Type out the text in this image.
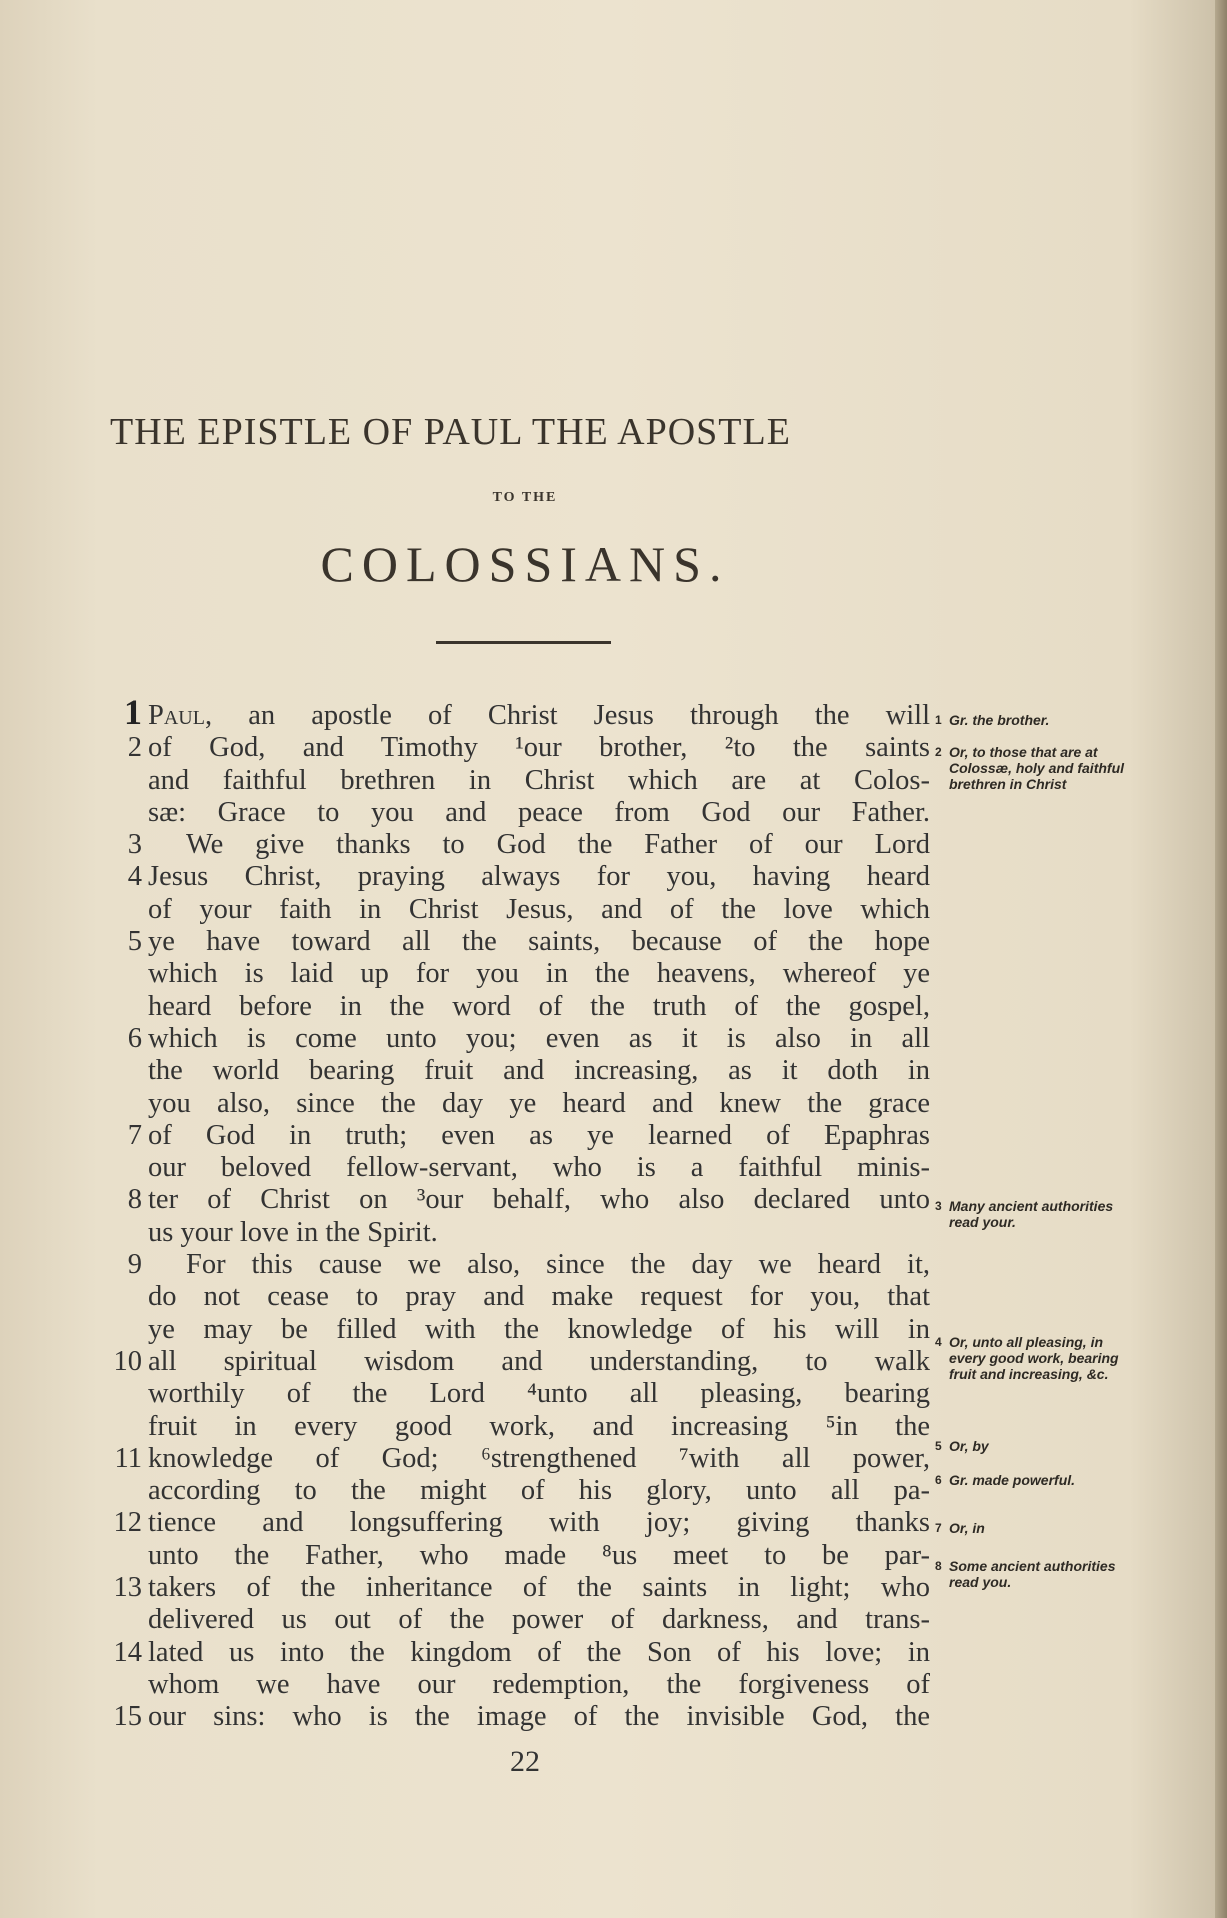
THE EPISTLE OF PAUL THE APOSTLE
TO THE
COLOSSIANS.
1 Paul, an apostle of Christ Jesus through the will
2 of God, and Timothy ¹our brother, ²to the saints
and faithful brethren in Christ which are at Colos-
sæ: Grace to you and peace from God our Father.
3	We give thanks to God the Father of our Lord
4 Jesus Christ, praying always for you, having heard
of your faith in Christ Jesus, and of the love which
5 ye have toward all the saints, because of the hope
which is laid up for you in the heavens, whereof ye
heard before in the word of the truth of the gospel,
6 which is come unto you; even as it is also in all
the world bearing fruit and increasing, as it doth in
you also, since the day ye heard and knew the grace
7 of God in truth; even as ye learned of Epaphras
our beloved fellow-servant, who is a faithful minis-
8 ter of Christ on ³our behalf, who also declared unto
us your love in the Spirit.
9	For this cause we also, since the day we heard it,
do not cease to pray and make request for you, that
ye may be filled with the knowledge of his will in
10 all spiritual wisdom and understanding, to walk
worthily of the Lord ⁴unto all pleasing, bearing
fruit in every good work, and increasing ⁵in the
11 knowledge of God; ⁶strengthened ⁷with all power,
according to the might of his glory, unto all pa-
12 tience and longsuffering with joy; giving thanks
unto the Father, who made ⁸us meet to be par-
13 takers of the inheritance of the saints in light; who
delivered us out of the power of darkness, and trans-
14 lated us into the kingdom of the Son of his love; in
whom we have our redemption, the forgiveness of
15 our sins: who is the image of the invisible God, the
22
1 Gr. the brother.
2 Or, to those that are at Colossæ, holy and faithful brethren in Christ
3 Many ancient authorities read your.
4 Or, unto all pleasing, in every good work, bearing fruit and increasing, &c.
5 Or, by
6 Gr. made powerful.
7 Or, in
8 Some ancient authorities read you.
